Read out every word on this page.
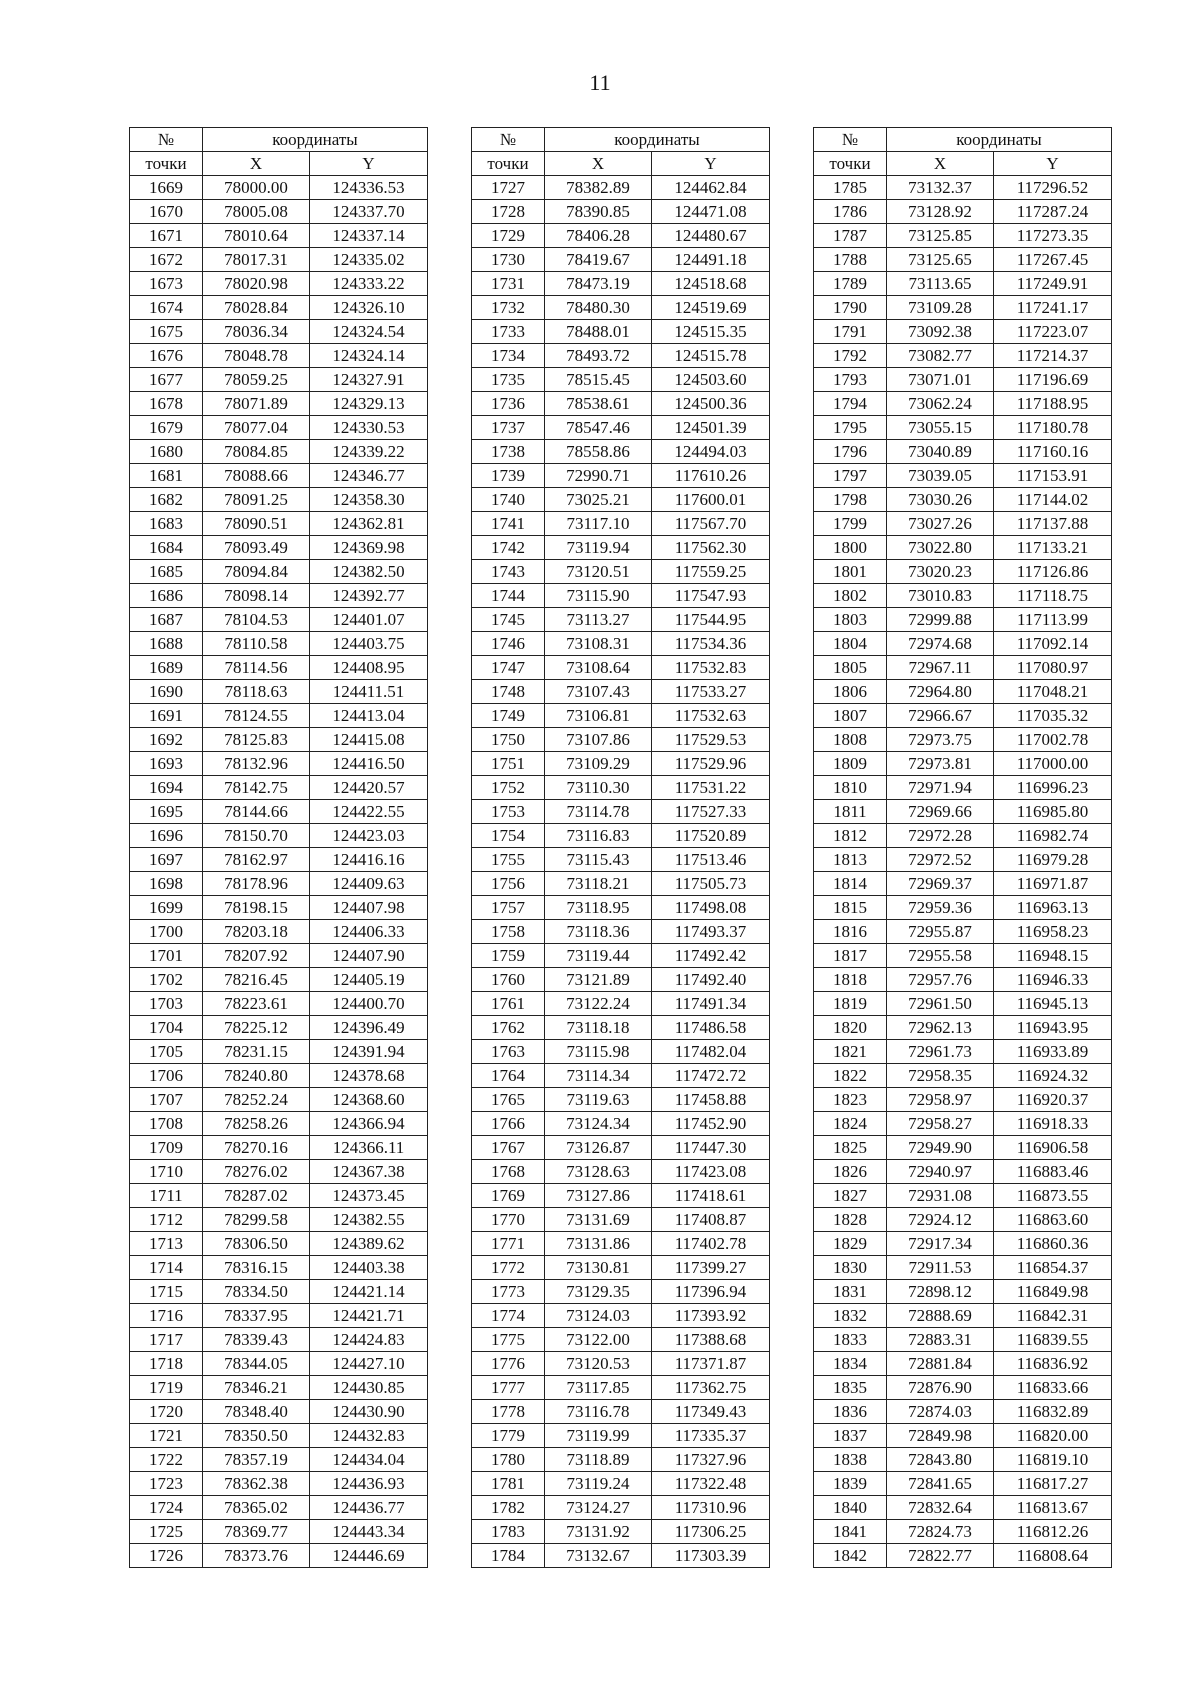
11
№	координаты	
точки	X	Y
1669	78000.00	124336.53
1670	78005.08	124337.70
1671	78010.64	124337.14
1672	78017.31	124335.02
1673	78020.98	124333.22
1674	78028.84	124326.10
1675	78036.34	124324.54
1676	78048.78	124324.14
1677	78059.25	124327.91
1678	78071.89	124329.13
1679	78077.04	124330.53
1680	78084.85	124339.22
1681	78088.66	124346.77
1682	78091.25	124358.30
1683	78090.51	124362.81
1684	78093.49	124369.98
1685	78094.84	124382.50
1686	78098.14	124392.77
1687	78104.53	124401.07
1688	78110.58	124403.75
1689	78114.56	124408.95
1690	78118.63	124411.51
1691	78124.55	124413.04
1692	78125.83	124415.08
1693	78132.96	124416.50
1694	78142.75	124420.57
1695	78144.66	124422.55
1696	78150.70	124423.03
1697	78162.97	124416.16
1698	78178.96	124409.63
1699	78198.15	124407.98
1700	78203.18	124406.33
1701	78207.92	124407.90
1702	78216.45	124405.19
1703	78223.61	124400.70
1704	78225.12	124396.49
1705	78231.15	124391.94
1706	78240.80	124378.68
1707	78252.24	124368.60
1708	78258.26	124366.94
1709	78270.16	124366.11
1710	78276.02	124367.38
1711	78287.02	124373.45
1712	78299.58	124382.55
1713	78306.50	124389.62
1714	78316.15	124403.38
1715	78334.50	124421.14
1716	78337.95	124421.71
1717	78339.43	124424.83
1718	78344.05	124427.10
1719	78346.21	124430.85
1720	78348.40	124430.90
1721	78350.50	124432.83
1722	78357.19	124434.04
1723	78362.38	124436.93
1724	78365.02	124436.77
1725	78369.77	124443.34
1726	78373.76	124446.69
№	координаты	
точки	X	Y
1727	78382.89	124462.84
1728	78390.85	124471.08
1729	78406.28	124480.67
1730	78419.67	124491.18
1731	78473.19	124518.68
1732	78480.30	124519.69
1733	78488.01	124515.35
1734	78493.72	124515.78
1735	78515.45	124503.60
1736	78538.61	124500.36
1737	78547.46	124501.39
1738	78558.86	124494.03
1739	72990.71	117610.26
1740	73025.21	117600.01
1741	73117.10	117567.70
1742	73119.94	117562.30
1743	73120.51	117559.25
1744	73115.90	117547.93
1745	73113.27	117544.95
1746	73108.31	117534.36
1747	73108.64	117532.83
1748	73107.43	117533.27
1749	73106.81	117532.63
1750	73107.86	117529.53
1751	73109.29	117529.96
1752	73110.30	117531.22
1753	73114.78	117527.33
1754	73116.83	117520.89
1755	73115.43	117513.46
1756	73118.21	117505.73
1757	73118.95	117498.08
1758	73118.36	117493.37
1759	73119.44	117492.42
1760	73121.89	117492.40
1761	73122.24	117491.34
1762	73118.18	117486.58
1763	73115.98	117482.04
1764	73114.34	117472.72
1765	73119.63	117458.88
1766	73124.34	117452.90
1767	73126.87	117447.30
1768	73128.63	117423.08
1769	73127.86	117418.61
1770	73131.69	117408.87
1771	73131.86	117402.78
1772	73130.81	117399.27
1773	73129.35	117396.94
1774	73124.03	117393.92
1775	73122.00	117388.68
1776	73120.53	117371.87
1777	73117.85	117362.75
1778	73116.78	117349.43
1779	73119.99	117335.37
1780	73118.89	117327.96
1781	73119.24	117322.48
1782	73124.27	117310.96
1783	73131.92	117306.25
1784	73132.67	117303.39
№	координаты	
точки	X	Y
1785	73132.37	117296.52
1786	73128.92	117287.24
1787	73125.85	117273.35
1788	73125.65	117267.45
1789	73113.65	117249.91
1790	73109.28	117241.17
1791	73092.38	117223.07
1792	73082.77	117214.37
1793	73071.01	117196.69
1794	73062.24	117188.95
1795	73055.15	117180.78
1796	73040.89	117160.16
1797	73039.05	117153.91
1798	73030.26	117144.02
1799	73027.26	117137.88
1800	73022.80	117133.21
1801	73020.23	117126.86
1802	73010.83	117118.75
1803	72999.88	117113.99
1804	72974.68	117092.14
1805	72967.11	117080.97
1806	72964.80	117048.21
1807	72966.67	117035.32
1808	72973.75	117002.78
1809	72973.81	117000.00
1810	72971.94	116996.23
1811	72969.66	116985.80
1812	72972.28	116982.74
1813	72972.52	116979.28
1814	72969.37	116971.87
1815	72959.36	116963.13
1816	72955.87	116958.23
1817	72955.58	116948.15
1818	72957.76	116946.33
1819	72961.50	116945.13
1820	72962.13	116943.95
1821	72961.73	116933.89
1822	72958.35	116924.32
1823	72958.97	116920.37
1824	72958.27	116918.33
1825	72949.90	116906.58
1826	72940.97	116883.46
1827	72931.08	116873.55
1828	72924.12	116863.60
1829	72917.34	116860.36
1830	72911.53	116854.37
1831	72898.12	116849.98
1832	72888.69	116842.31
1833	72883.31	116839.55
1834	72881.84	116836.92
1835	72876.90	116833.66
1836	72874.03	116832.89
1837	72849.98	116820.00
1838	72843.80	116819.10
1839	72841.65	116817.27
1840	72832.64	116813.67
1841	72824.73	116812.26
1842	72822.77	116808.64
